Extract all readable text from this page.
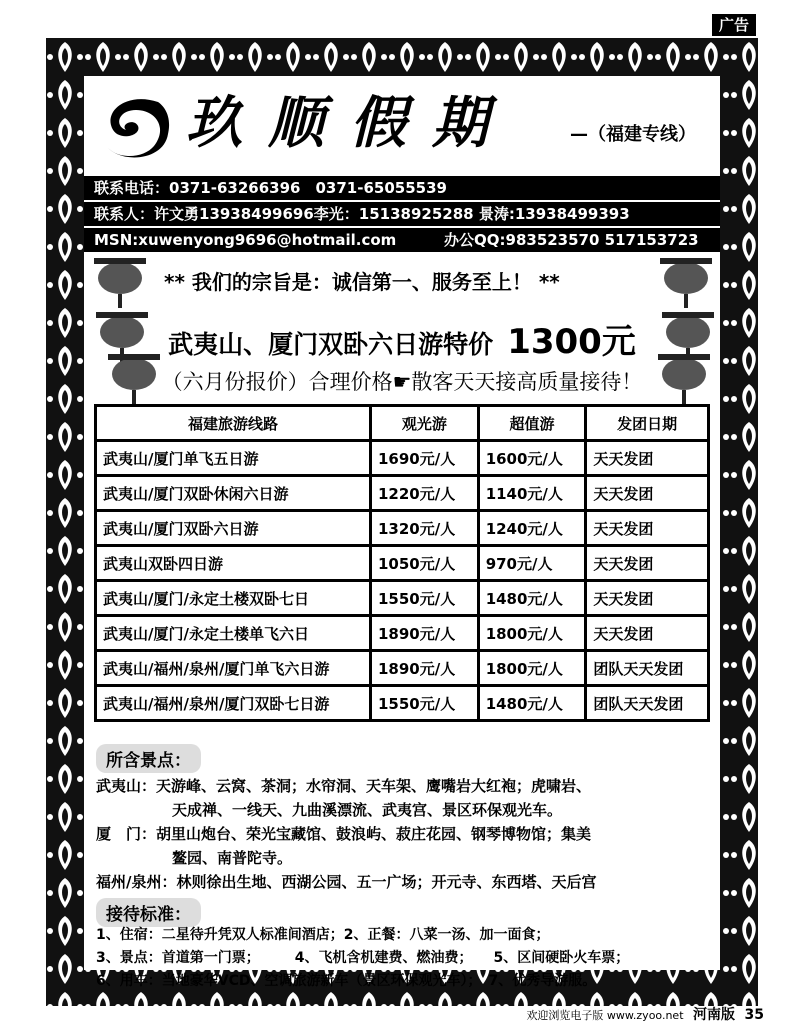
广告
玖顺假期	—（福建专线）
联系电话：0371-63266396　0371-65055539
联系人：许文勇13938499696李光：15138925288 景涛:13938499393
MSN:xuwenyong9696@hotmail.com	办公QQ:983523570 517153723
** 我们的宗旨是：诚信第一、服务至上！ **
武夷山、厦门双卧六日游特价 1300元
（六月份报价）合理价格☛散客天天接高质量接待！
福建旅游线路	观光游	超值游	发团日期
武夷山/厦门单飞五日游	1690元/人	1600元/人	天天发团
武夷山/厦门双卧休闲六日游	1220元/人	1140元/人	天天发团
武夷山/厦门双卧六日游	1320元/人	1240元/人	天天发团
武夷山双卧四日游	1050元/人	970元/人	天天发团
武夷山/厦门/永定土楼双卧七日	1550元/人	1480元/人	天天发团
武夷山/厦门/永定土楼单飞六日	1890元/人	1800元/人	天天发团
武夷山/福州/泉州/厦门单飞六日游	1890元/人	1800元/人	团队天天发团
武夷山/福州/泉州/厦门双卧七日游	1550元/人	1480元/人	团队天天发团
所含景点：
武夷山：天游峰、云窝、茶洞；水帘洞、天车架、鹰嘴岩大红袍；虎啸岩、
天成禅、一线天、九曲溪漂流、武夷宫、景区环保观光车。
厦　门：胡里山炮台、荣光宝藏馆、鼓浪屿、菽庄花园、钢琴博物馆；集美
鳌园、南普陀寺。
福州/泉州：林则徐出生地、西湖公园、五一广场；开元寺、东西塔、天后宫
接待标准：
1、住宿：二星待升凭双人标准间酒店；2、正餐：八菜一汤、加一面食；
3、景点：首道第一门票；　　　4、飞机含机建费、燃油费；　　5、区间硬卧火车票；
6、用车：当地豪华VCD、空调旅游新车（景区环保观光车）；　7、优秀导游服。
欢迎浏览电子版 www.zyoo.net 河南版 35
